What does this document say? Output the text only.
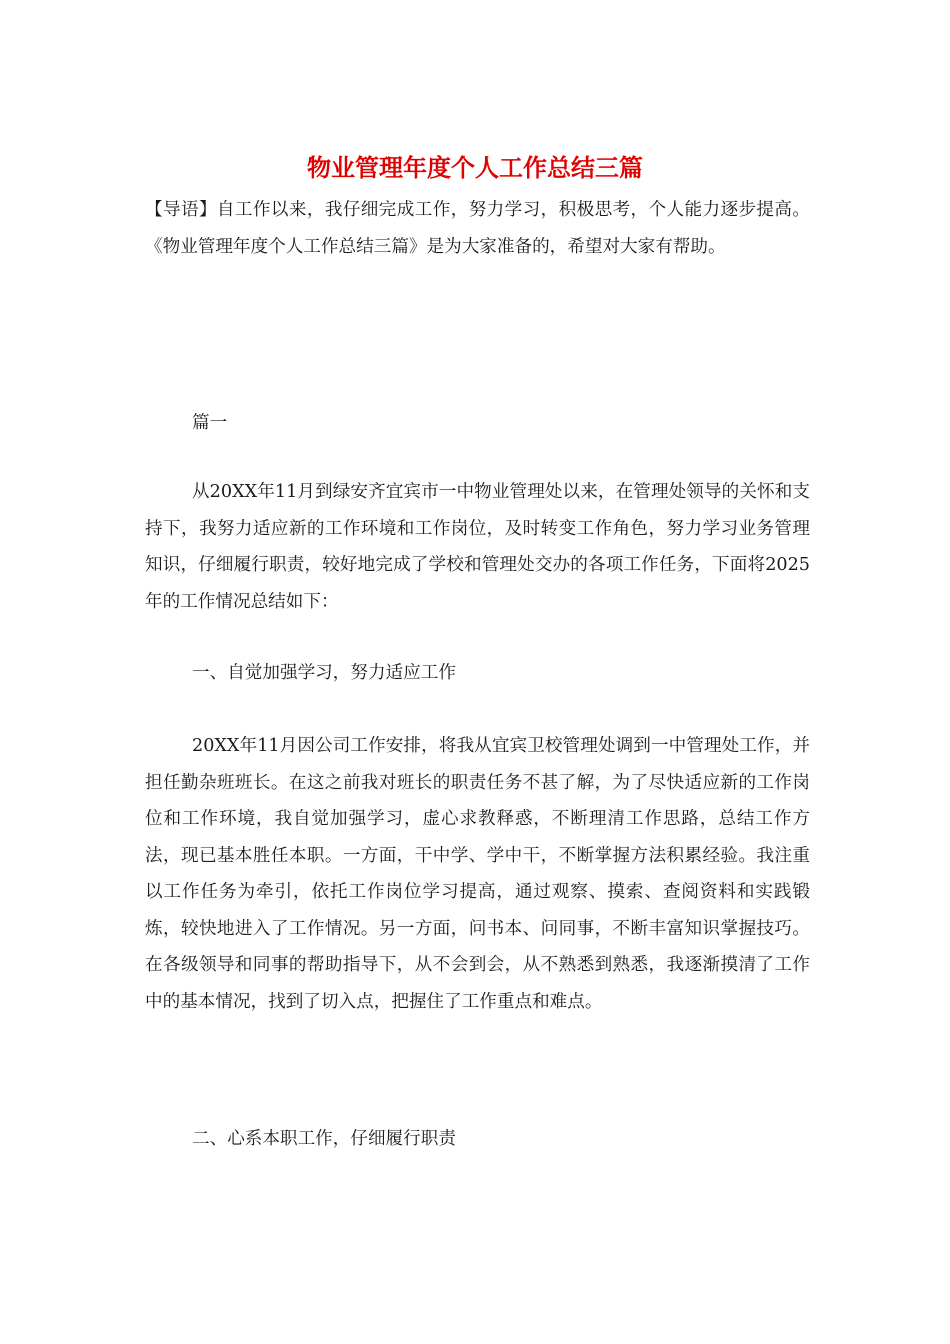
物业管理年度个人工作总结三篇

【导语】自工作以来，我仔细完成工作，努力学习，积极思考，个人能力逐步提高。《物业管理年度个人工作总结三篇》是为大家准备的，希望对大家有帮助。

篇一

从20XX年11月到绿安齐宜宾市一中物业管理处以来，在管理处领导的关怀和支持下，我努力适应新的工作环境和工作岗位，及时转变工作角色，努力学习业务管理知识，仔细履行职责，较好地完成了学校和管理处交办的各项工作任务，下面将2025年的工作情况总结如下：

一、自觉加强学习，努力适应工作

20XX年11月因公司工作安排，将我从宜宾卫校管理处调到一中管理处工作，并担任勤杂班班长。在这之前我对班长的职责任务不甚了解，为了尽快适应新的工作岗位和工作环境，我自觉加强学习，虚心求教释惑，不断理清工作思路，总结工作方法，现已基本胜任本职。一方面，干中学、学中干，不断掌握方法积累经验。我注重以工作任务为牵引，依托工作岗位学习提高，通过观察、摸索、查阅资料和实践锻炼，较快地进入了工作情况。另一方面，问书本、问同事，不断丰富知识掌握技巧。在各级领导和同事的帮助指导下，从不会到会，从不熟悉到熟悉，我逐渐摸清了工作中的基本情况，找到了切入点，把握住了工作重点和难点。

二、心系本职工作，仔细履行职责
